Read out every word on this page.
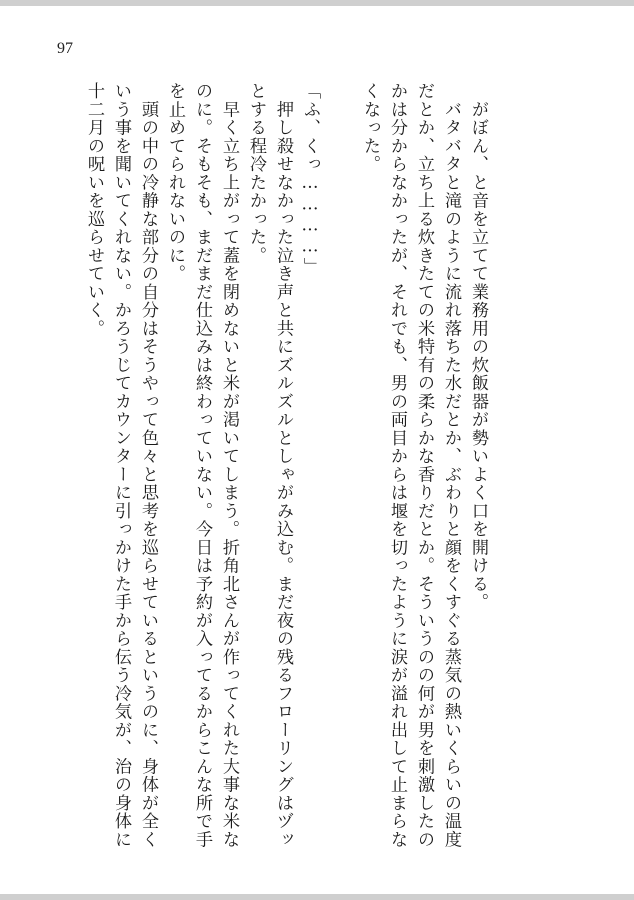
97
　がぼん、と音を立てて業務用の炊飯器が勢いよく口を開ける。
　バタバタと滝のように流れ落ちた水だとか、ぶわりと顔をくすぐる蒸気の熱いくらいの温度
だとか、立ち上る炊きたての米特有の柔らかな香りだとか。そういうのの何が男を刺激したの
かは分からなかったが、それでも、男の両目からは堰を切ったように涙が溢れ出して止まらな
くなった。
「ふ、くっ…………」
　押し殺せなかった泣き声と共にズルズルとしゃがみ込む。まだ夜の残るフローリングはヅッ
とする程冷たかった。
　早く立ち上がって蓋を閉めないと米が渇いてしまう。折角北さんが作ってくれた大事な米な
のに。そもそも、まだまだ仕込みは終わっていない。今日は予約が入ってるからこんな所で手
を止めてられないのに。
　頭の中の冷静な部分の自分はそうやって色々と思考を巡らせているというのに、身体が全く
いう事を聞いてくれない。かろうじてカウンターに引っかけた手から伝う冷気が、治の身体に
十二月の呪いを巡らせていく。
